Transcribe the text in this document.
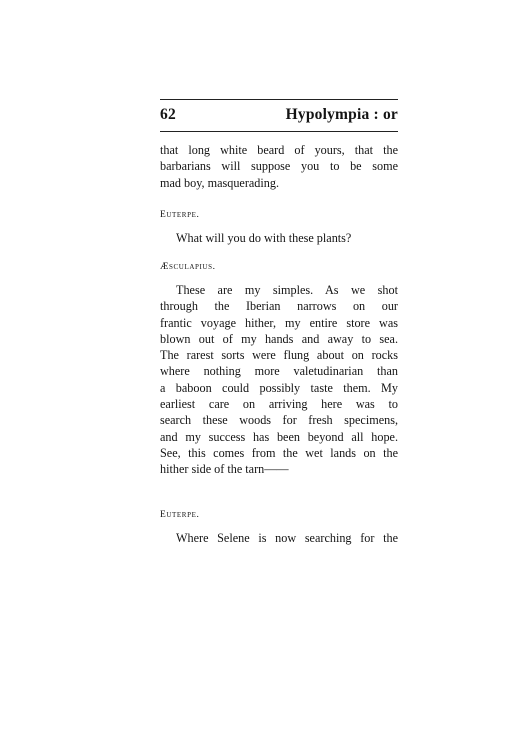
62	Hypolympia : or
that long white beard of yours, that the
barbarians will suppose you to be some
mad boy, masquerading.
Euterpe.
What will you do with these plants?
Æsculapius.
These are my simples. As we shot
through the Iberian narrows on our
frantic voyage hither, my entire store was
blown out of my hands and away to sea.
The rarest sorts were flung about on rocks
where nothing more valetudinarian than
a baboon could possibly taste them. My
earliest care on arriving here was to
search these woods for fresh specimens,
and my success has been beyond all hope.
See, this comes from the wet lands on the
hither side of the tarn——
Euterpe.
Where Selene is now searching for the
